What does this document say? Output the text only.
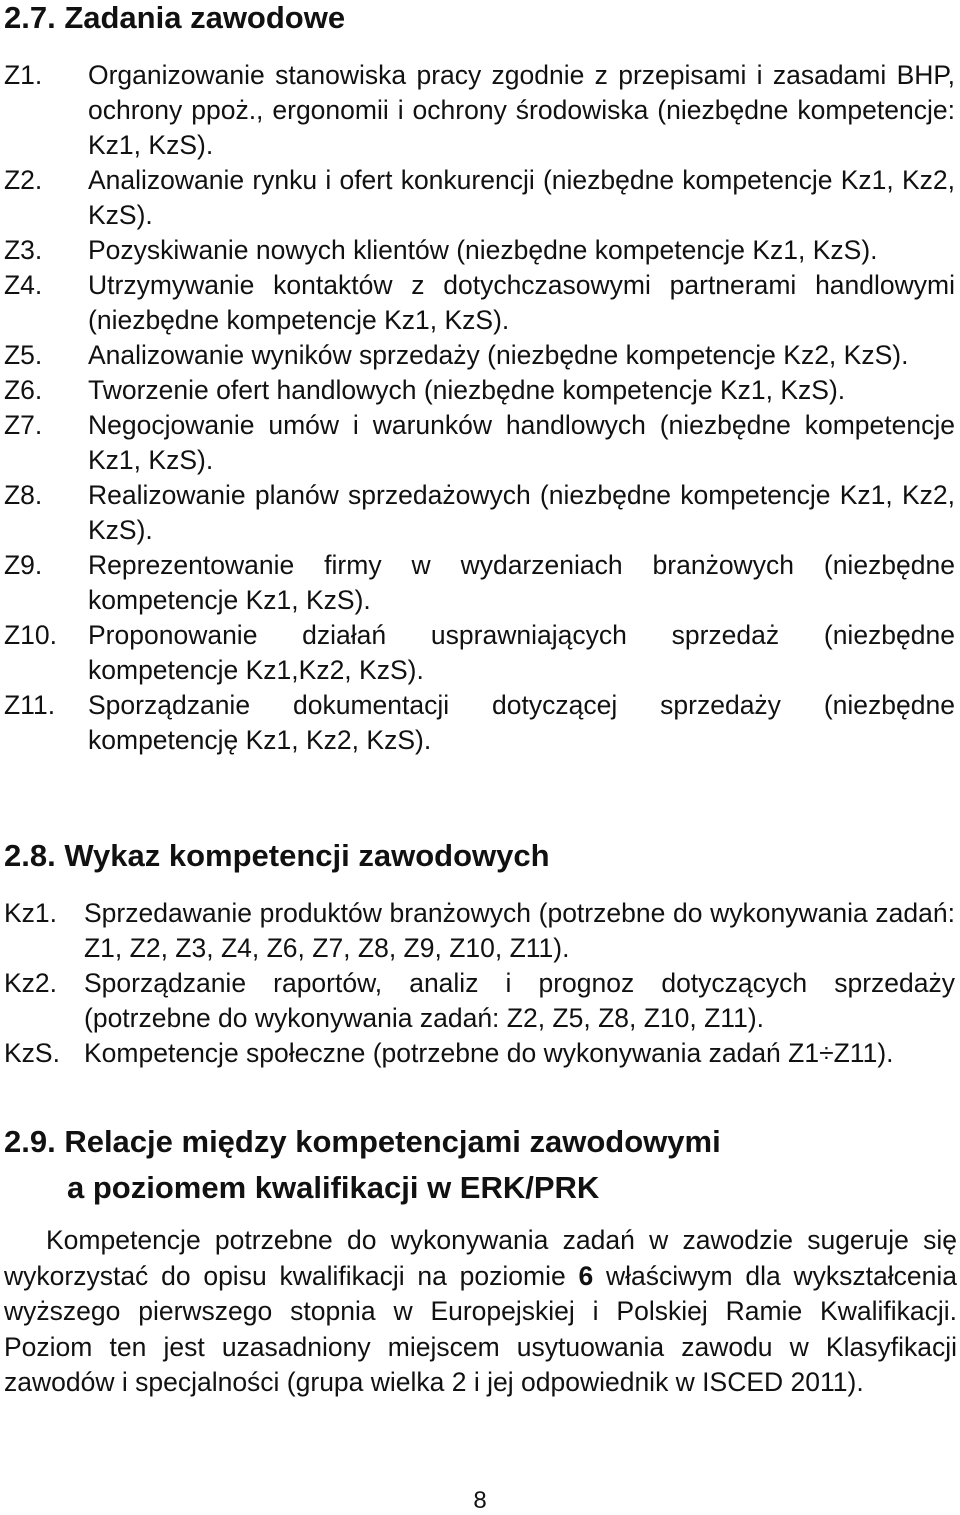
2.7. Zadania zawodowe
Z1.	Organizowanie stanowiska pracy zgodnie z przepisami i zasadami BHP, ochrony ppoż., ergonomii i ochrony środowiska (niezbędne kompetencje: Kz1, KzS).
Z2.	Analizowanie rynku i ofert konkurencji (niezbędne kompetencje Kz1, Kz2, KzS).
Z3.	Pozyskiwanie nowych klientów (niezbędne kompetencje Kz1, KzS).
Z4.	Utrzymywanie kontaktów z dotychczasowymi partnerami handlowymi (niezbędne kompetencje Kz1, KzS).
Z5.	Analizowanie wyników sprzedaży (niezbędne kompetencje Kz2, KzS).
Z6.	Tworzenie ofert handlowych (niezbędne kompetencje Kz1, KzS).
Z7.	Negocjowanie umów i warunków handlowych (niezbędne kompetencje Kz1, KzS).
Z8.	Realizowanie planów sprzedażowych (niezbędne kompetencje Kz1, Kz2, KzS).
Z9.	Reprezentowanie firmy w wydarzeniach branżowych (niezbędne kompetencje Kz1, KzS).
Z10.	Proponowanie działań usprawniających sprzedaż (niezbędne kompetencje Kz1,Kz2, KzS).
Z11.	Sporządzanie dokumentacji dotyczącej sprzedaży (niezbędne kompetencję Kz1, Kz2, KzS).
2.8. Wykaz kompetencji zawodowych
Kz1.	Sprzedawanie produktów branżowych (potrzebne do wykonywania zadań: Z1, Z2, Z3, Z4, Z6, Z7, Z8, Z9, Z10, Z11).
Kz2.	Sporządzanie raportów, analiz i prognoz dotyczących sprzedaży (potrzebne do wykonywania zadań: Z2, Z5, Z8, Z10, Z11).
KzS. Kompetencje społeczne (potrzebne do wykonywania zadań Z1÷Z11).
2.9. Relacje między kompetencjami zawodowymi
a poziomem kwalifikacji w ERK/PRK

Kompetencje potrzebne do wykonywania zadań w zawodzie sugeruje się wykorzystać do opisu kwalifikacji na poziomie 6 właściwym dla wykształcenia wyższego pierwszego stopnia w Europejskiej i Polskiej Ramie Kwalifikacji. Poziom ten jest uzasadniony miejscem usytuowania zawodu w Klasyfikacji zawodów i specjalności (grupa wielka 2 i jej odpowiednik w ISCED 2011).

8
